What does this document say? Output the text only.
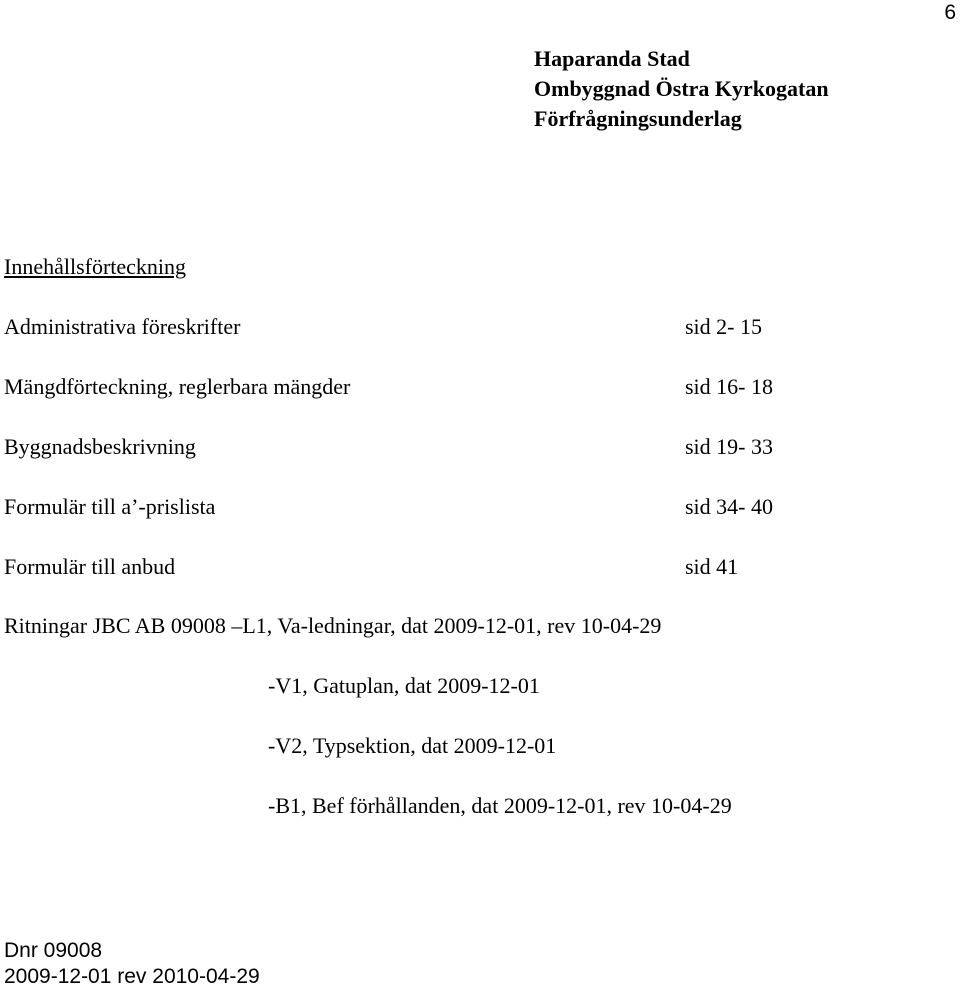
6
Haparanda Stad
Ombyggnad Östra Kyrkogatan
Förfrågningsunderlag
Innehållsförteckning
Administrativa föreskrifter	sid 2- 15
Mängdförteckning, reglerbara mängder	sid 16- 18
Byggnadsbeskrivning	sid 19- 33
Formulär till a’-prislista	sid 34- 40
Formulär till anbud	sid 41
Ritningar JBC AB 09008 –L1, Va-ledningar, dat 2009-12-01, rev 10-04-29
-V1, Gatuplan, dat 2009-12-01
-V2, Typsektion, dat 2009-12-01
-B1, Bef förhållanden, dat 2009-12-01, rev 10-04-29
Dnr 09008
2009-12-01 rev 2010-04-29
